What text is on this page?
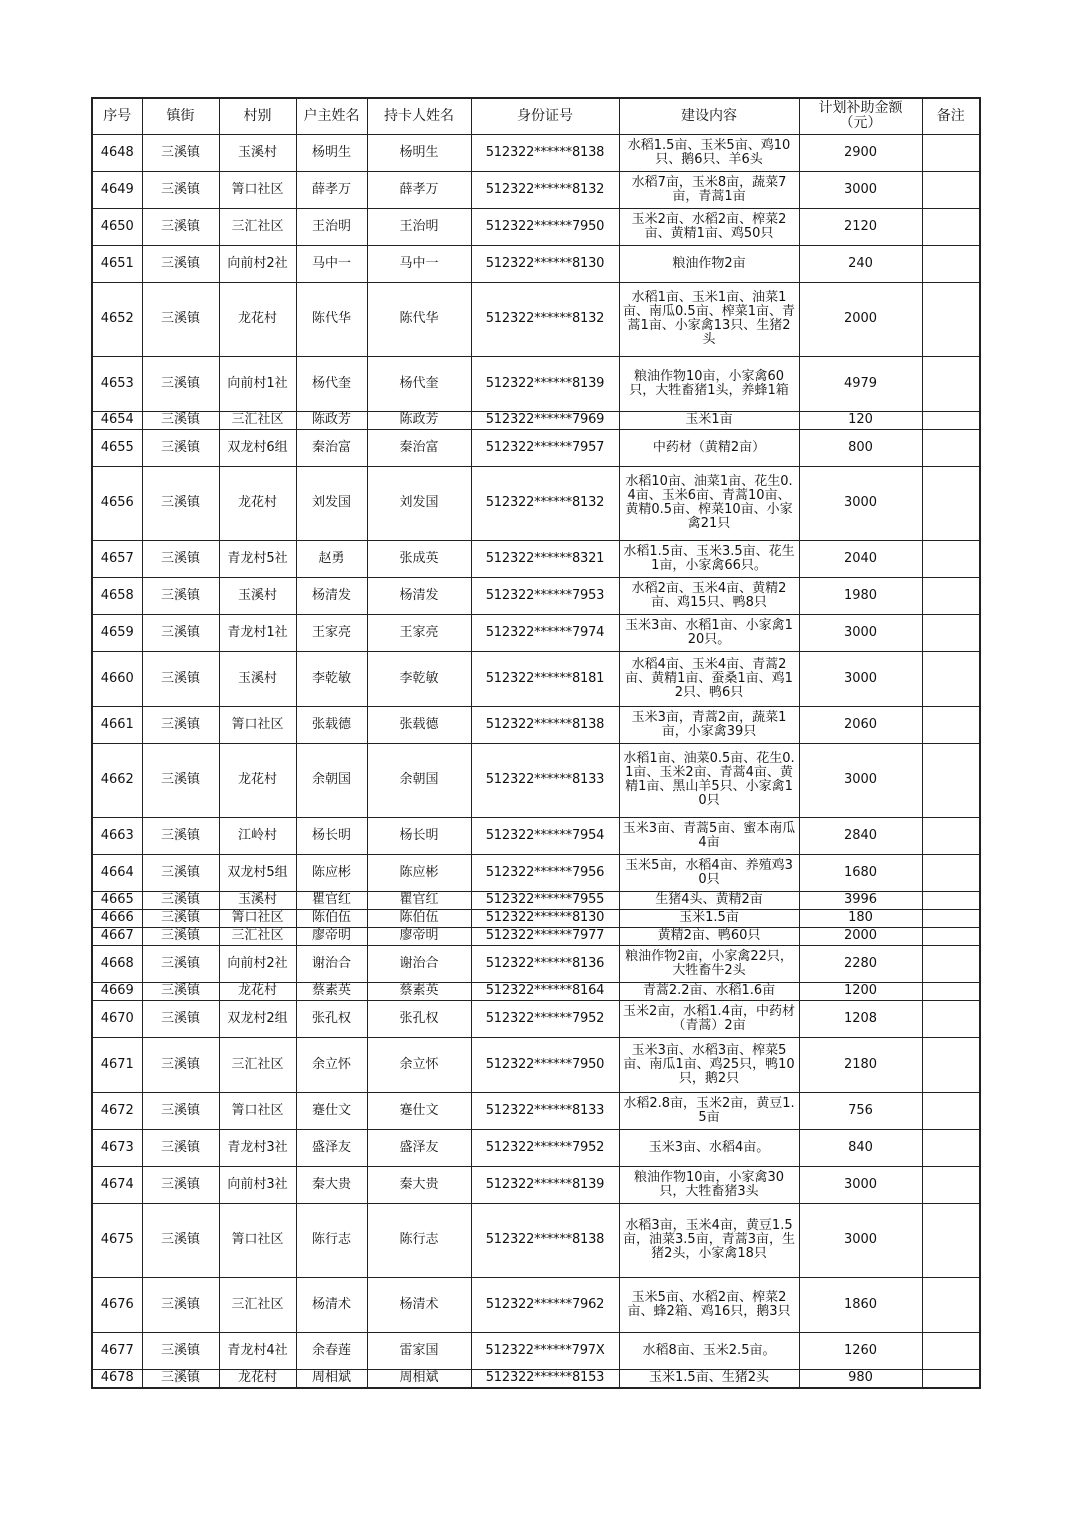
序号	镇街	村别	户主姓名	持卡人姓名	身份证号	建设内容	计划补助金额（元）	备注
4648	三溪镇	玉溪村	杨明生	杨明生	512322******8138	水稻1.5亩、玉米5亩、鸡10只、鹅6只、羊6头	2900	
4649	三溪镇	箐口社区	薛孝万	薛孝万	512322******8132	水稻7亩，玉米8亩，蔬菜7亩，青蒿1亩	3000	
4650	三溪镇	三汇社区	王治明	王治明	512322******7950	玉米2亩、水稻2亩、榨菜2亩、黄精1亩、鸡50只	2120	
4651	三溪镇	向前村2社	马中一	马中一	512322******8130	粮油作物2亩	240	
4652	三溪镇	龙花村	陈代华	陈代华	512322******8132	水稻1亩、玉米1亩、油菜1亩、南瓜0.5亩、榨菜1亩、青蒿1亩、小家禽13只、生猪2头	2000	
4653	三溪镇	向前村1社	杨代奎	杨代奎	512322******8139	粮油作物10亩，小家禽60只，大牲畜猪1头，养蜂1箱	4979	
4654	三溪镇	三汇社区	陈政芳	陈政芳	512322******7969	玉米1亩	120	
4655	三溪镇	双龙村6组	秦治富	秦治富	512322******7957	中药材（黄精2亩）	800	
4656	三溪镇	龙花村	刘发国	刘发国	512322******8132	水稻10亩、油菜1亩、花生0.4亩、玉米6亩、青蒿10亩、黄精0.5亩、榨菜10亩、小家禽21只	3000	
4657	三溪镇	青龙村5社	赵勇	张成英	512322******8321	水稻1.5亩、玉米3.5亩、花生1亩，小家禽66只。	2040	
4658	三溪镇	玉溪村	杨清发	杨清发	512322******7953	水稻2亩、玉米4亩、黄精2亩、鸡15只、鸭8只	1980	
4659	三溪镇	青龙村1社	王家亮	王家亮	512322******7974	玉米3亩、水稻1亩、小家禽120只。	3000	
4660	三溪镇	玉溪村	李乾敏	李乾敏	512322******8181	水稻4亩、玉米4亩、青蒿2亩、黄精1亩、蚕桑1亩、鸡12只、鸭6只	3000	
4661	三溪镇	箐口社区	张载德	张载德	512322******8138	玉米3亩，青蒿2亩，蔬菜1亩，小家禽39只	2060	
4662	三溪镇	龙花村	余朝国	余朝国	512322******8133	水稻1亩、油菜0.5亩、花生0.1亩、玉米2亩、青蒿4亩、黄精1亩、黑山羊5只、小家禽10只	3000	
4663	三溪镇	江岭村	杨长明	杨长明	512322******7954	玉米3亩、青蒿5亩、蜜本南瓜4亩	2840	
4664	三溪镇	双龙村5组	陈应彬	陈应彬	512322******7956	玉米5亩，水稻4亩、养殖鸡30只	1680	
4665	三溪镇	玉溪村	瞿官红	瞿官红	512322******7955	生猪4头、黄精2亩	3996	
4666	三溪镇	箐口社区	陈伯伍	陈伯伍	512322******8130	玉米1.5亩	180	
4667	三溪镇	三汇社区	廖帝明	廖帝明	512322******7977	黄精2亩、鸭60只	2000	
4668	三溪镇	向前村2社	谢治合	谢治合	512322******8136	粮油作物2亩，小家禽22只，大牲畜牛2头	2280	
4669	三溪镇	龙花村	蔡素英	蔡素英	512322******8164	青蒿2.2亩、水稻1.6亩	1200	
4670	三溪镇	双龙村2组	张孔权	张孔权	512322******7952	玉米2亩，水稻1.4亩，中药材（青蒿）2亩	1208	
4671	三溪镇	三汇社区	余立怀	余立怀	512322******7950	玉米3亩、水稻3亩、榨菜5亩、南瓜1亩、鸡25只，鸭10只，鹅2只	2180	
4672	三溪镇	箐口社区	蹇仕文	蹇仕文	512322******8133	水稻2.8亩，玉米2亩，黄豆1.5亩	756	
4673	三溪镇	青龙村3社	盛泽友	盛泽友	512322******7952	玉米3亩、水稻4亩。	840	
4674	三溪镇	向前村3社	秦大贵	秦大贵	512322******8139	粮油作物10亩，小家禽30只，大牲畜猪3头	3000	
4675	三溪镇	箐口社区	陈行志	陈行志	512322******8138	水稻3亩，玉米4亩，黄豆1.5亩，油菜3.5亩，青蒿3亩，生猪2头，小家禽18只	3000	
4676	三溪镇	三汇社区	杨清术	杨清术	512322******7962	玉米5亩、水稻2亩、榨菜2亩、蜂2箱、鸡16只，鹅3只	1860	
4677	三溪镇	青龙村4社	余春莲	雷家国	512322******797X	水稻8亩、玉米2.5亩。	1260	
4678	三溪镇	龙花村	周相斌	周相斌	512322******8153	玉米1.5亩、生猪2头	980	
